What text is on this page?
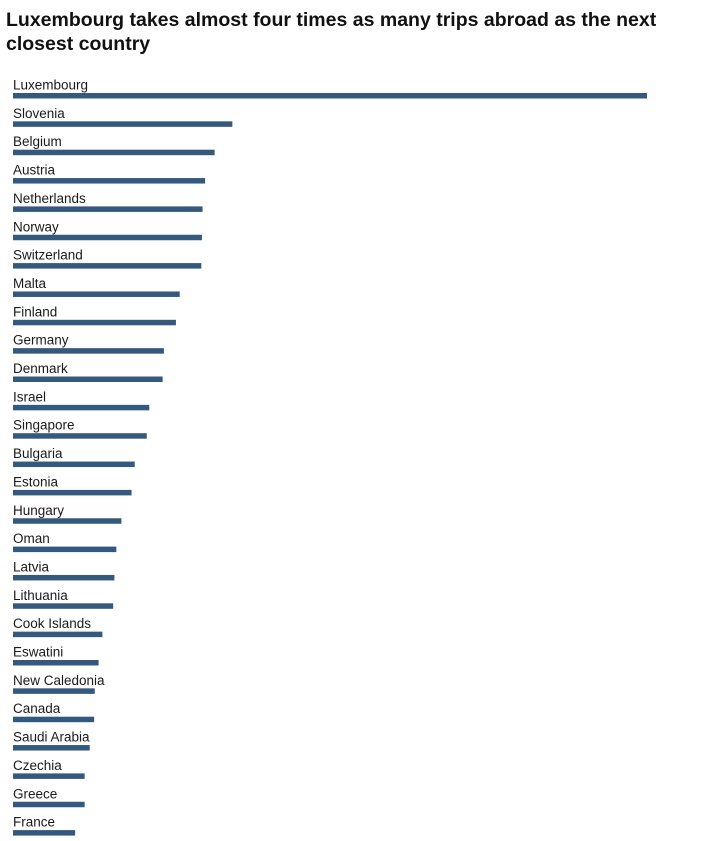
Luxembourg takes almost four times as many trips abroad as the next closest country
Luxembourg
Slovenia
Belgium
Austria
Netherlands
Norway
Switzerland
Malta
Finland
Germany
Denmark
Israel
Singapore
Bulgaria
Estonia
Hungary
Oman
Latvia
Lithuania
Cook Islands
Eswatini
New Caledonia
Canada
Saudi Arabia
Czechia
Greece
France
